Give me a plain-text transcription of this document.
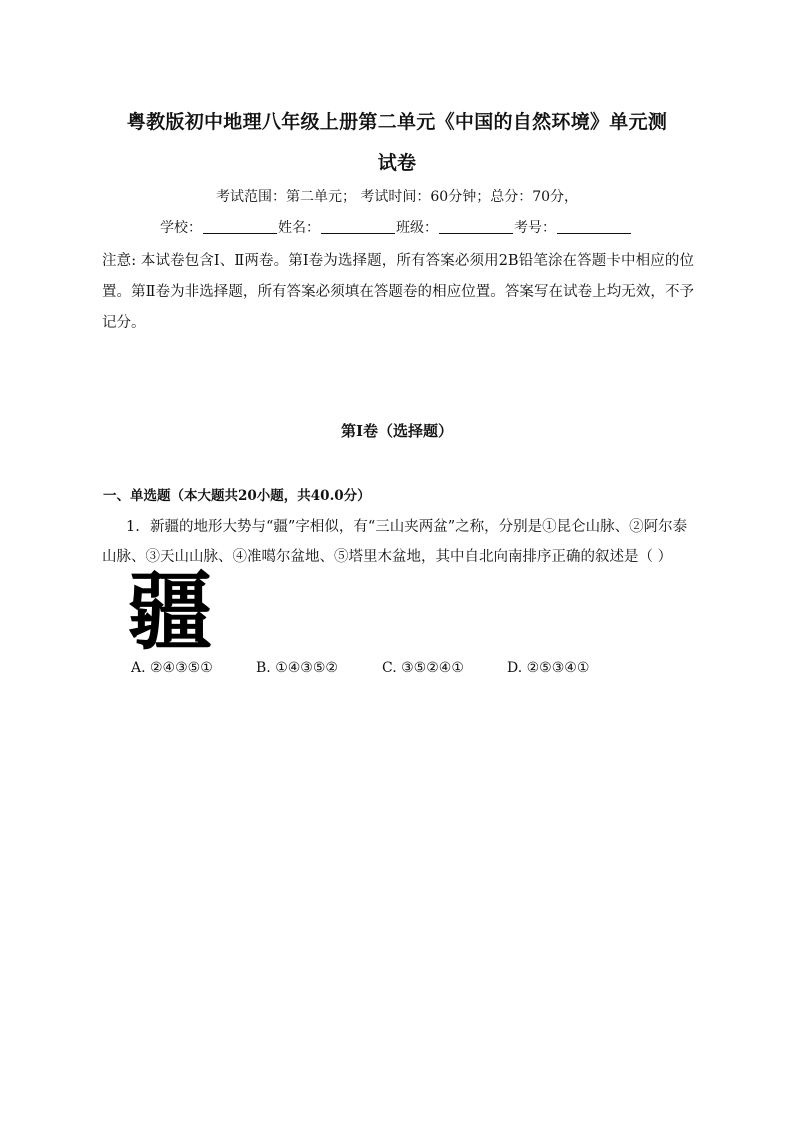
粤教版初中地理八年级上册第二单元《中国的自然环境》单元测
试卷
考试范围：第二单元； 考试时间：60分钟；总分：70分，
学校：	姓名：	班级：	考号：
注意: 本试卷包含Ⅰ、Ⅱ两卷。第Ⅰ卷为选择题，所有答案必须用2B铅笔涂在答题卡中相应的位置。第Ⅱ卷为非选择题，所有答案必须填在答题卷的相应位置。答案写在试卷上均无效，不予记分。
第Ⅰ卷（选择题）
一、单选题（本大题共20小题，共40.0分）
1. 新疆的地形大势与“疆”字相似，有“三山夹两盆”之称，分别是①昆仑山脉、②阿尔泰山脉、③天山山脉、④准噶尔盆地、⑤塔里木盆地，其中自北向南排序正确的叙述是（ ）
疆
A. ②④③⑤①	B. ①④③⑤②	C. ③⑤②④①	D. ②⑤③④①
